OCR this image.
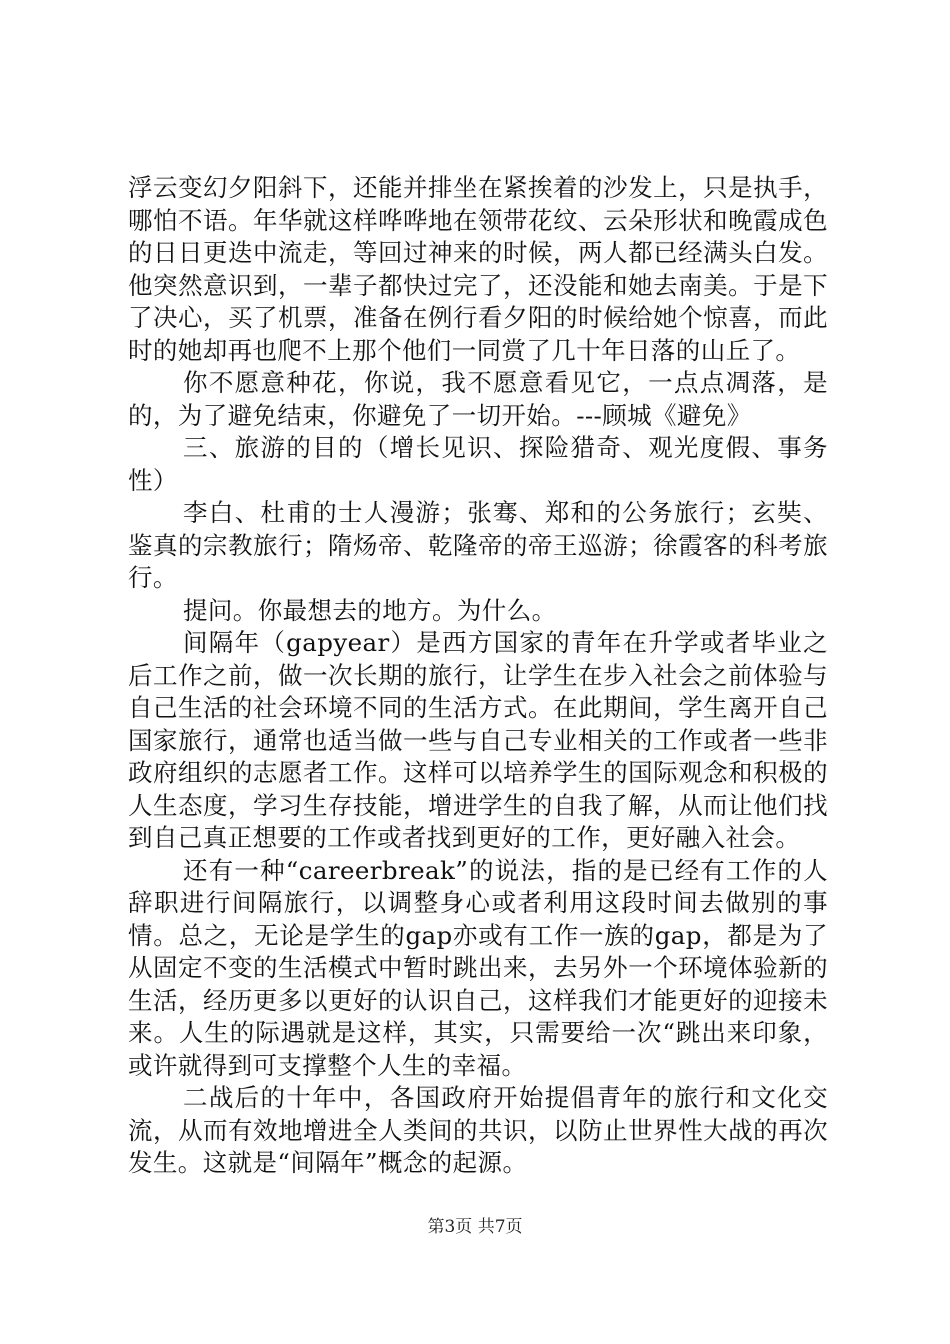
浮云变幻夕阳斜下，还能并排坐在紧挨着的沙发上，只是执手，哪怕不语。年华就这样哗哗地在领带花纹、云朵形状和晚霞成色的日日更迭中流走，等回过神来的时候，两人都已经满头白发。他突然意识到，一辈子都快过完了，还没能和她去南美。于是下了决心，买了机票，准备在例行看夕阳的时候给她个惊喜，而此时的她却再也爬不上那个他们一同赏了几十年日落的山丘了。

你不愿意种花，你说，我不愿意看见它，一点点凋落，是的，为了避免结束，你避免了一切开始。---顾城《避免》

三、旅游的目的（增长见识、探险猎奇、观光度假、事务性）

李白、杜甫的士人漫游；张骞、郑和的公务旅行；玄奘、鉴真的宗教旅行；隋炀帝、乾隆帝的帝王巡游；徐霞客的科考旅行。

提问。你最想去的地方。为什么。

间隔年（gapyear）是西方国家的青年在升学或者毕业之后工作之前，做一次长期的旅行，让学生在步入社会之前体验与自己生活的社会环境不同的生活方式。在此期间，学生离开自己国家旅行，通常也适当做一些与自己专业相关的工作或者一些非政府组织的志愿者工作。这样可以培养学生的国际观念和积极的人生态度，学习生存技能，增进学生的自我了解，从而让他们找到自己真正想要的工作或者找到更好的工作，更好融入社会。

还有一种“careerbreak”的说法，指的是已经有工作的人辞职进行间隔旅行，以调整身心或者利用这段时间去做别的事情。总之，无论是学生的gap亦或有工作一族的gap，都是为了从固定不变的生活模式中暂时跳出来，去另外一个环境体验新的生活，经历更多以更好的认识自己，这样我们才能更好的迎接未来。人生的际遇就是这样，其实，只需要给一次“跳出来印象，或许就得到可支撑整个人生的幸福。

二战后的十年中，各国政府开始提倡青年的旅行和文化交流，从而有效地增进全人类间的共识，以防止世界性大战的再次发生。这就是“间隔年”概念的起源。

第3页 共7页
